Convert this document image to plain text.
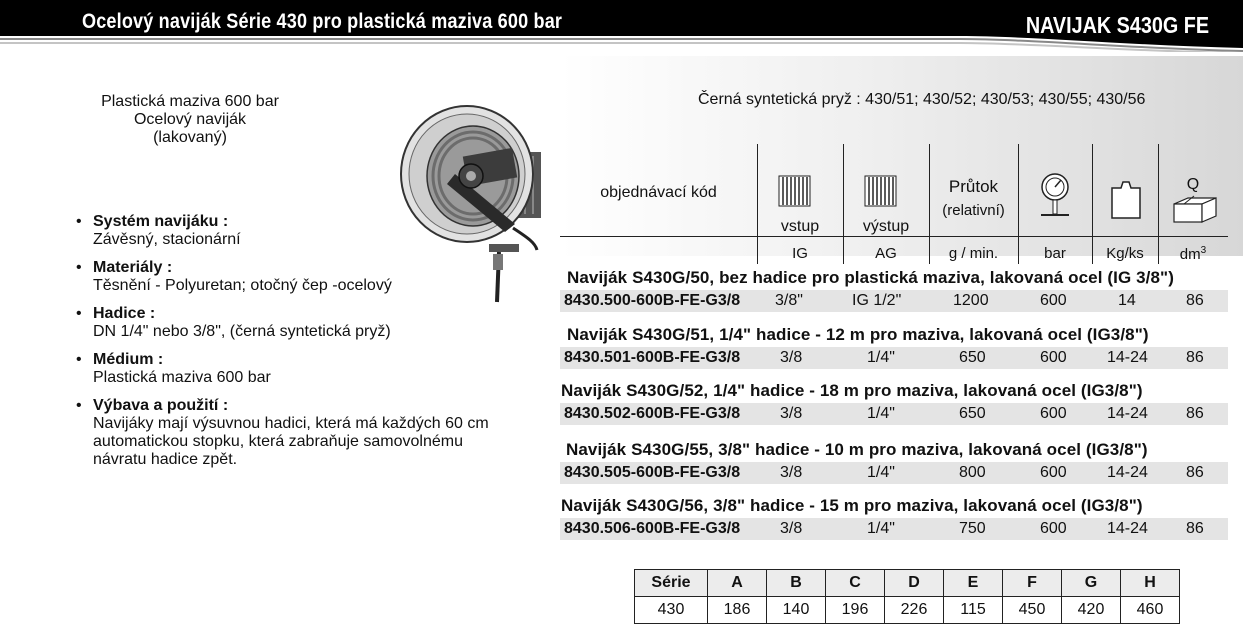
Ocelový naviják Série 430 pro plastická maziva 600 bar	NAVIJAK S430G FE
Plastická maziva 600 bar
Ocelový naviják
(lakovaný)
• Systém navijáku :
Závěsný, stacionární
• Materiály :
Těsnění - Polyuretan; otočný čep -ocelový
• Hadice :
DN 1/4" nebo 3/8", (černá syntetická pryž)
• Médium :
Plastická maziva 600 bar
• Výbava a použití :
Navijáky mají výsuvnou hadici, která má každých 60 cm
automatickou stopku, která zabraňuje samovolnému
návratu hadice zpět.
Černá syntetická pryž : 430/51; 430/52; 430/53; 430/55; 430/56
objednávací kód
vstup	výstup
Průtok
(relativní)
Q
IG	AG	g / min.	bar	Kg/ks	$dm^3$
Naviják S430G/50, bez hadice pro plastická maziva, lakovaná ocel (IG 3/8")
8430.500-600B-FE-G3/8 3/8"	IG 1/2"	1200	600	14	86
Naviják S430G/51, 1/4" hadice - 12 m pro maziva, lakovaná ocel (IG3/8")
8430.501-600B-FE-G3/8 3/8	1/4"	650	600	14-24 86
Naviják S430G/52, 1/4" hadice - 18 m pro maziva, lakovaná ocel (IG3/8")
8430.502-600B-FE-G3/8 3/8	1/4"	650	600	14-24 86
Naviják S430G/55, 3/8" hadice - 10 m pro maziva, lakovaná ocel (IG3/8")
8430.505-600B-FE-G3/8 3/8	1/4"	800	600	14-24 86
Naviják S430G/56, 3/8" hadice - 15 m pro maziva, lakovaná ocel (IG3/8")
8430.506-600B-FE-G3/8 3/8	1/4"	750	600	14-24 86
Série	A	B	C	D	E	F	G	H
430	186	140	196	226	115	450	420	460
